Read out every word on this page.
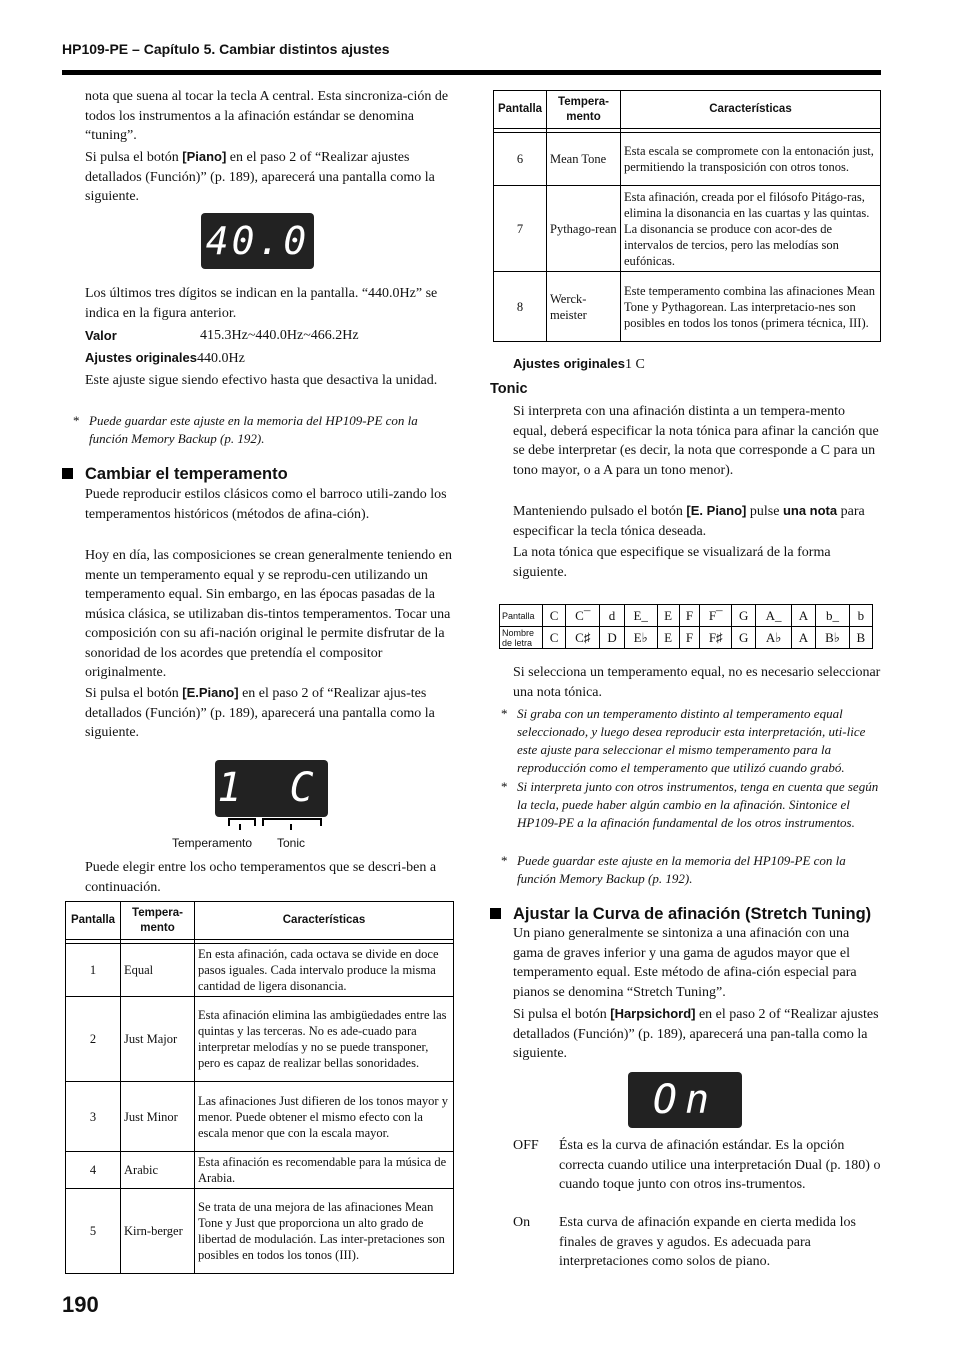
HP109-PE – Capítulo 5. Cambiar distintos ajustes

nota que suena al tocar la tecla A central. Esta sincroniza-ción de todos los instrumentos a la afinación estándar se denomina “tuning”.

Si pulsa el botón [Piano] en el paso 2 of “Realizar ajustes detallados (Función)” (p. 189), aparecerá una pantalla como la siguiente.

40.0

Los últimos tres dígitos se indican en la pantalla. “440.0Hz” se indica en la figura anterior.

Valor	415.3Hz~440.0Hz~466.2Hz
Ajustes originales440.0Hz

Este ajuste sigue siendo efectivo hasta que desactiva la unidad.

* Puede guardar este ajuste en la memoria del HP109-PE con la función Memory Backup (p. 192).

Cambiar el temperamento

Puede reproducir estilos clásicos como el barroco utili-zando los temperamentos históricos (métodos de afina-ción).

Hoy en día, las composiciones se crean generalmente teniendo en mente un temperamento equal y se reprodu-cen utilizando un temperamento equal. Sin embargo, en las épocas pasadas de la música clásica, se utilizaban dis-tintos temperamentos. Tocar una composición con su afi-nación original le permite disfrutar de la sonoridad de los acordes que pretendía el compositor originalmente.

Si pulsa el botón [E.Piano] en el paso 2 of “Realizar ajus-tes detallados (Función)” (p. 189), aparecerá una pantalla como la siguiente.

1 C
Temperamento Tonic

Puede elegir entre los ocho temperamentos que se descri-ben a continuación.

Pantalla	Tempera-mento	Características

1	Equal	En esta afinación, cada octava se divide en doce pasos iguales. Cada intervalo produce la misma cantidad de ligera disonancia.
2	Just Major	Esta afinación elimina las ambigüedades entre las quintas y las terceras. No es ade-cuado para interpretar melodías y no se puede transponer, pero es capaz de realizar bellas sonoridades.
3	Just Minor	Las afinaciones Just difieren de los tonos mayor y menor. Puede obtener el mismo efecto con la escala menor que con la escala mayor.
4	Arabic	Esta afinación es recomendable para la música de Arabia.
5	Kirn-berger	Se trata de una mejora de las afinaciones Mean Tone y Just que proporciona un alto grado de libertad de modulación. Las inter-pretaciones son posibles en todos los tonos (III).
190
Pantalla	Tempera-mento	Características

6	Mean Tone	Esta escala se compromete con la entonación just, permitiendo la transposición con otros tonos.
7	Pythago-rean	Esta afinación, creada por el filósofo Pitágo-ras, elimina la disonancia en las cuartas y las quintas. La disonancia se produce con acor-des de intervalos de tercios, pero las melodías son eufónicas.
8	Werck-meister	Este temperamento combina las afinaciones Mean Tone y Pythagorean. Las interpretacio-nes son posibles en todos los tonos (primera técnica, III).
Ajustes originales1 C
Tonic

Si interpreta con una afinación distinta a un tempera-mento equal, deberá especificar la nota tónica para afinar la canción que se debe interpretar (es decir, la nota que corresponde a C para un tono mayor, o a A para un tono menor).

Manteniendo pulsado el botón [E. Piano] pulse una nota para especificar la tecla tónica deseada.

La nota tónica que especifique se visualizará de la forma siguiente.

Pantalla	C	C¯	d	E_	E	F	F¯	G	A_	A	b_	b
Nombre de letra	C	C♯	D	E♭	E	F	F♯	G	A♭	A	B♭	B

Si selecciona un temperamento equal, no es necesario seleccionar una nota tónica.

* Si graba con un temperamento distinto al temperamento equal seleccionado, y luego desea reproducir esta interpretación, uti-lice este ajuste para seleccionar el mismo temperamento para la reproducción como el temperamento que utilizó cuando grabó.

* Si interpreta junto con otros instrumentos, tenga en cuenta que según la tecla, puede haber algún cambio en la afinación. Sintonice el HP109-PE a la afinación fundamental de los otros instrumentos.

* Puede guardar este ajuste en la memoria del HP109-PE con la función Memory Backup (p. 192).

Ajustar la Curva de afinación (Stretch Tuning)

Un piano generalmente se sintoniza a una afinación con una gama de graves inferior y una gama de agudos mayor que el temperamento equal. Este método de afina-ción especial para pianos se denomina “Stretch Tuning”.

Si pulsa el botón [Harpsichord] en el paso 2 of “Realizar ajustes detallados (Función)” (p. 189), aparecerá una pan-talla como la siguiente.

On
OFF Ésta es la curva de afinación estándar. Es la opción correcta cuando utilice una interpretación Dual (p. 180) o cuando toque junto con otros ins-trumentos.

On Esta curva de afinación expande en cierta medida los finales de graves y agudos. Es adecuada para interpretaciones como solos de piano.
